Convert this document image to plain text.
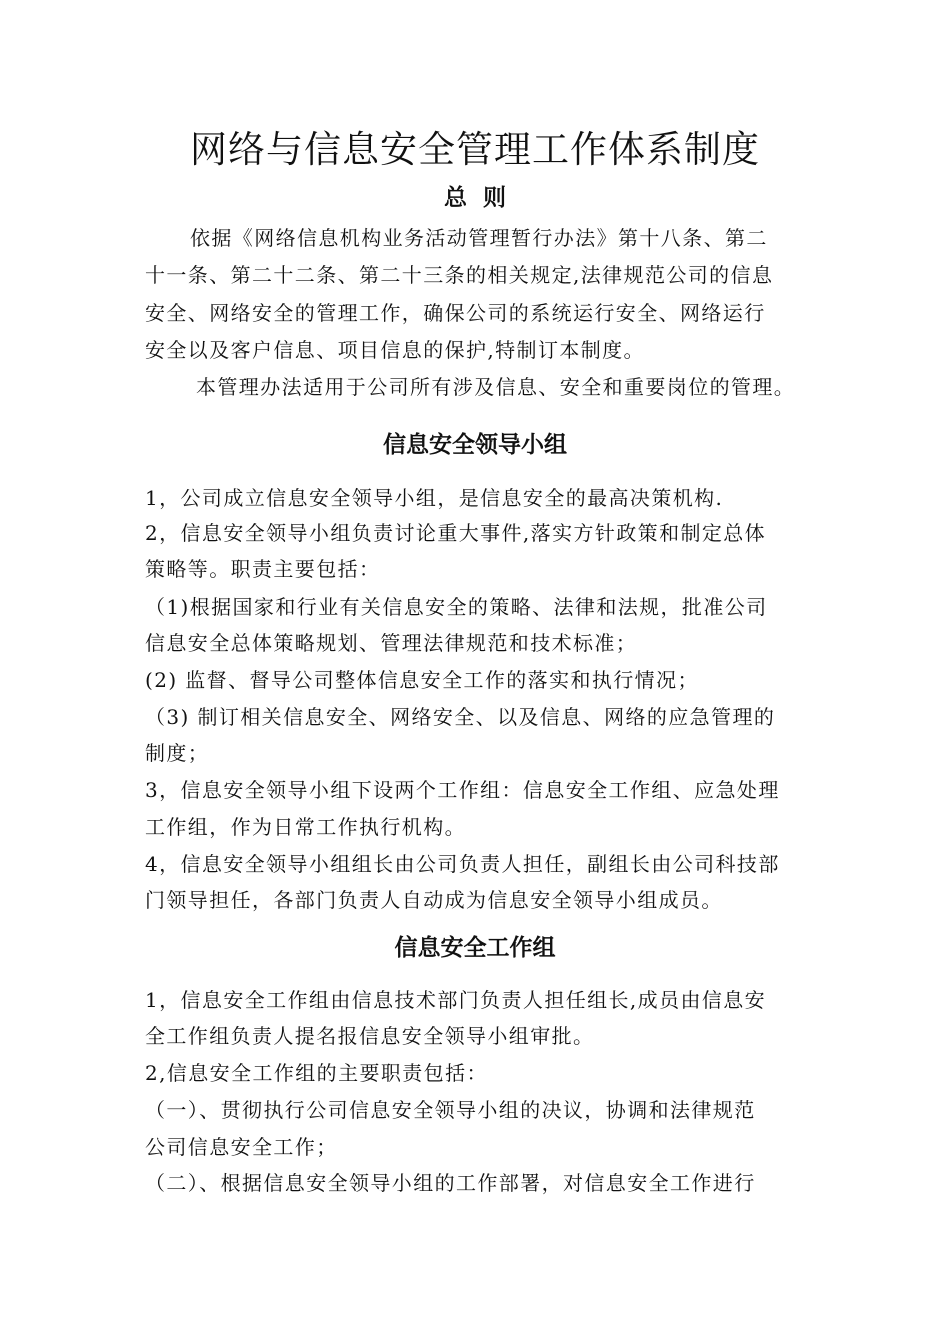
网络与信息安全管理工作体系制度
总  则
依据《网络信息机构业务活动管理暂行办法》第十八条、第二
十一条、第二十二条、第二十三条的相关规定,法律规范公司的信息
安全、网络安全的管理工作，确保公司的系统运行安全、网络运行
安全以及客户信息、项目信息的保护,特制订本制度。
本管理办法适用于公司所有涉及信息、安全和重要岗位的管理。
信息安全领导小组
1，公司成立信息安全领导小组，是信息安全的最高决策机构.
2，信息安全领导小组负责讨论重大事件,落实方针政策和制定总体
策略等。职责主要包括：
（1)根据国家和行业有关信息安全的策略、法律和法规，批准公司
信息安全总体策略规划、管理法律规范和技术标准；
(2) 监督、督导公司整体信息安全工作的落实和执行情况；
（3) 制订相关信息安全、网络安全、以及信息、网络的应急管理的
制度；
3，信息安全领导小组下设两个工作组：信息安全工作组、应急处理
工作组，作为日常工作执行机构。
4，信息安全领导小组组长由公司负责人担任，副组长由公司科技部
门领导担任，各部门负责人自动成为信息安全领导小组成员。
信息安全工作组
1，信息安全工作组由信息技术部门负责人担任组长,成员由信息安
全工作组负责人提名报信息安全领导小组审批。
2,信息安全工作组的主要职责包括：
（一）、贯彻执行公司信息安全领导小组的决议，协调和法律规范
公司信息安全工作；
（二）、根据信息安全领导小组的工作部署，对信息安全工作进行
